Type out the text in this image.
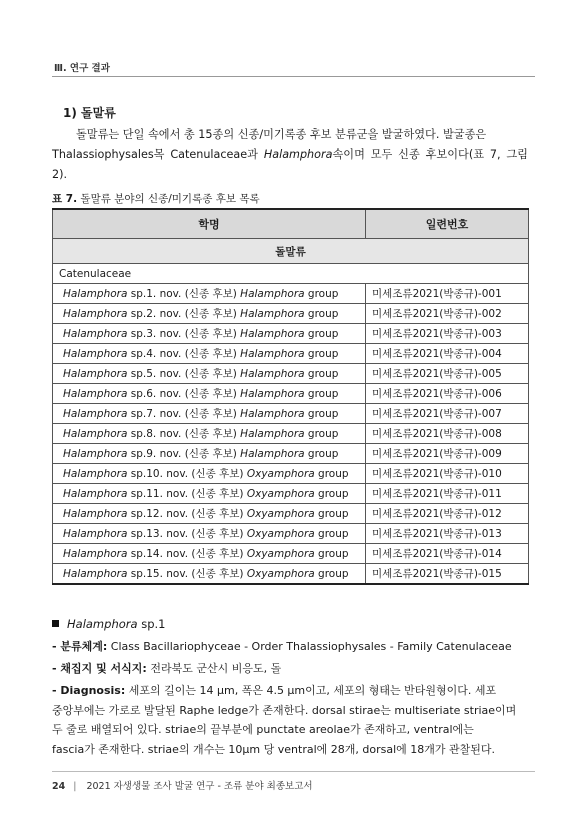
Ⅲ. 연구 결과
1) 돌말류

돌말류는 단일 속에서 총 15종의 신종/미기록종 후보 분류군을 발굴하였다. 발굴종은

Thalassiophysales목 Catenulaceae과 Halamphora속이며 모두 신종 후보이다(표 7, 그림 2).

표 7. 돌말류 분야의 신종/미기록종 후보 목록
학명	일련번호
돌말류	
Catenulaceae	
Halamphora sp.1. nov. (신종 후보) Halamphora group	미세조류2021(박종규)-001
Halamphora sp.2. nov. (신종 후보) Halamphora group	미세조류2021(박종규)-002
Halamphora sp.3. nov. (신종 후보) Halamphora group	미세조류2021(박종규)-003
Halamphora sp.4. nov. (신종 후보) Halamphora group	미세조류2021(박종규)-004
Halamphora sp.5. nov. (신종 후보) Halamphora group	미세조류2021(박종규)-005
Halamphora sp.6. nov. (신종 후보) Halamphora group	미세조류2021(박종규)-006
Halamphora sp.7. nov. (신종 후보) Halamphora group	미세조류2021(박종규)-007
Halamphora sp.8. nov. (신종 후보) Halamphora group	미세조류2021(박종규)-008
Halamphora sp.9. nov. (신종 후보) Halamphora group	미세조류2021(박종규)-009
Halamphora sp.10. nov. (신종 후보) Oxyamphora group	미세조류2021(박종규)-010
Halamphora sp.11. nov. (신종 후보) Oxyamphora group	미세조류2021(박종규)-011
Halamphora sp.12. nov. (신종 후보) Oxyamphora group	미세조류2021(박종규)-012
Halamphora sp.13. nov. (신종 후보) Oxyamphora group	미세조류2021(박종규)-013
Halamphora sp.14. nov. (신종 후보) Oxyamphora group	미세조류2021(박종규)-014
Halamphora sp.15. nov. (신종 후보) Oxyamphora group	미세조류2021(박종규)-015
Halamphora sp.1
- 분류체계: Class Bacillariophyceae - Order Thalassiophysales - Family Catenulaceae
- 채집지 및 서식지: 전라북도 군산시 비응도, 돌
- Diagnosis: 세포의 길이는 14 μm, 폭은 4.5 μm이고, 세포의 형태는 반타원형이다. 세포
중앙부에는 가로로 발달된 Raphe ledge가 존재한다. dorsal stirae는 multiseriate striae이며
두 줄로 배열되어 있다. striae의 끝부분에 punctate areolae가 존재하고, ventral에는
fascia가 존재한다. striae의 개수는 10μm 당 ventral에 28개, dorsal에 18개가 관찰된다.
24 | 2021 자생생물 조사 발굴 연구 - 조류 분야 최종보고서
